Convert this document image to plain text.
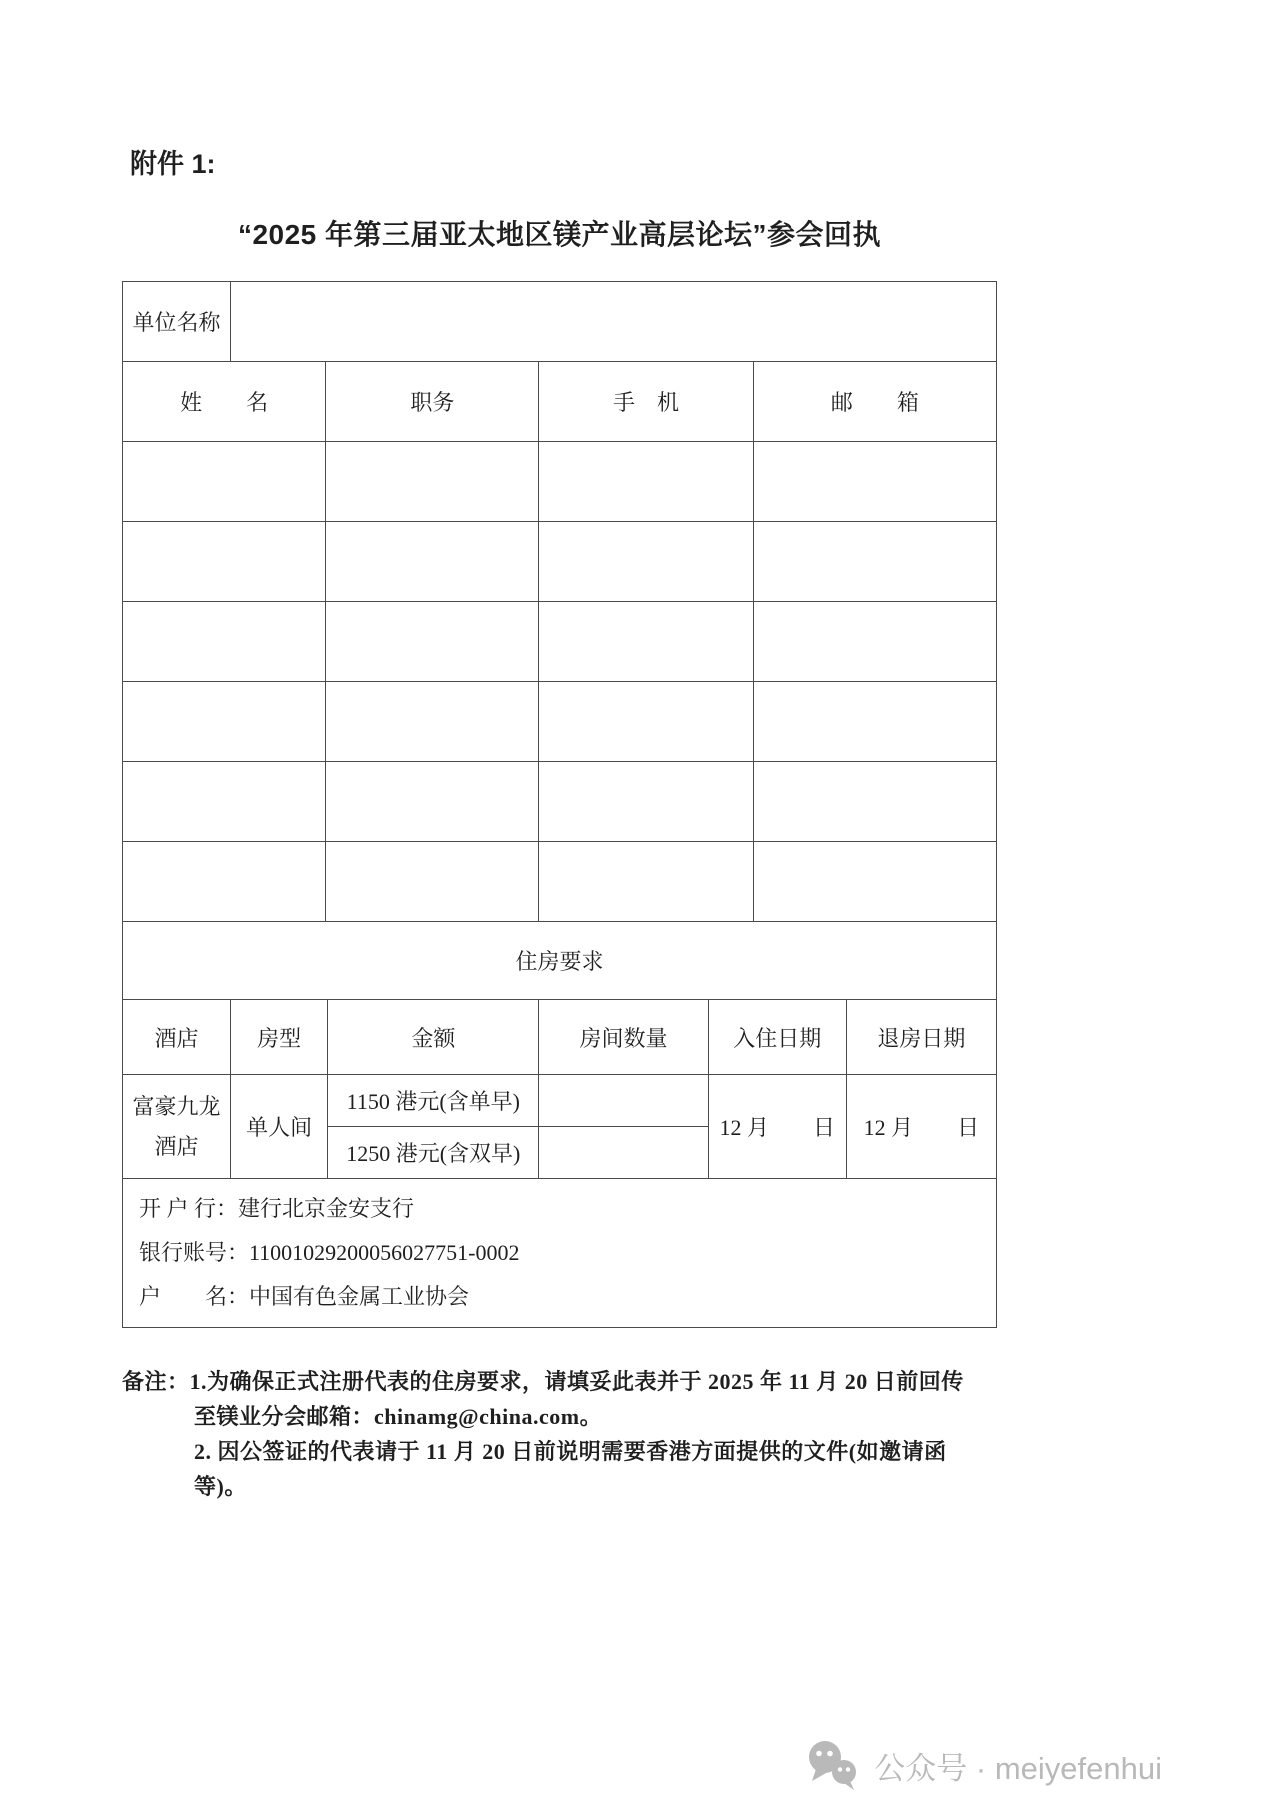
附件 1:
“2025 年第三届亚太地区镁产业高层论坛”参会回执
单位名称	
姓　　名	职务	手　机	邮　　箱

住房要求
酒店	房型	金额	房间数量	入住日期	退房日期
富豪九龙酒店	单人间	1150 港元(含单早)		12 月　　日	12 月　　日
		1250 港元(含双早)			
开 户 行：建行北京金安支行
银行账号：11001029200056027751-0002
户　　名：中国有色金属工业协会
备注：1.为确保正式注册代表的住房要求，请填妥此表并于 2025 年 11 月 20 日前回传
至镁业分会邮箱：chinamg@china.com。
2. 因公签证的代表请于 11 月 20 日前说明需要香港方面提供的文件(如邀请函等)。
公众号 · meiyefenhui
